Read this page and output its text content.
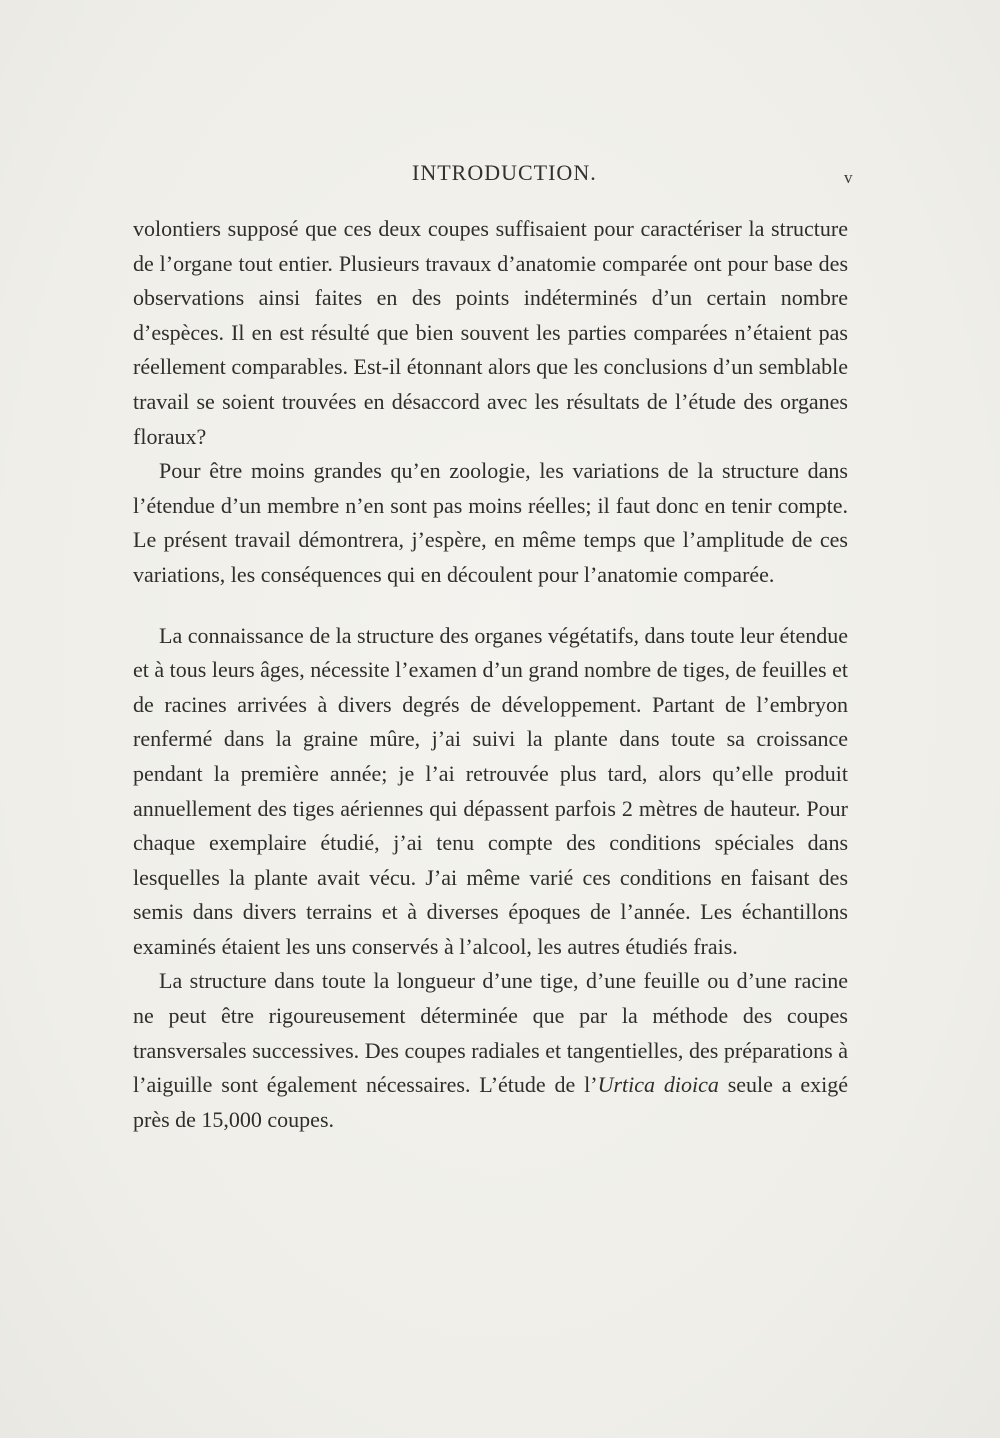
INTRODUCTION.	v

volontiers supposé que ces deux coupes suffisaient pour caractériser la structure de l’organe tout entier. Plusieurs travaux d’anatomie comparée ont pour base des observations ainsi faites en des points indéterminés d’un certain nombre d’espèces. Il en est résulté que bien souvent les parties comparées n’étaient pas réellement comparables. Est-il étonnant alors que les conclusions d’un semblable travail se soient trouvées en désaccord avec les résultats de l’étude des organes floraux?

Pour être moins grandes qu’en zoologie, les variations de la structure dans l’étendue d’un membre n’en sont pas moins réelles; il faut donc en tenir compte. Le présent travail démontrera, j’espère, en même temps que l’amplitude de ces variations, les conséquences qui en découlent pour l’anatomie comparée.

La connaissance de la structure des organes végétatifs, dans toute leur étendue et à tous leurs âges, nécessite l’examen d’un grand nombre de tiges, de feuilles et de racines arrivées à divers degrés de développement. Partant de l’embryon renfermé dans la graine mûre, j’ai suivi la plante dans toute sa croissance pendant la première année; je l’ai retrouvée plus tard, alors qu’elle produit annuellement des tiges aériennes qui dépassent parfois 2 mètres de hauteur. Pour chaque exemplaire étudié, j’ai tenu compte des conditions spéciales dans lesquelles la plante avait vécu. J’ai même varié ces conditions en faisant des semis dans divers terrains et à diverses époques de l’année. Les échantillons examinés étaient les uns conservés à l’alcool, les autres étudiés frais.

La structure dans toute la longueur d’une tige, d’une feuille ou d’une racine ne peut être rigoureusement déterminée que par la méthode des coupes transversales successives. Des coupes radiales et tangentielles, des préparations à l’aiguille sont également nécessaires. L’étude de l’Urtica dioica seule a exigé près de 15,000 coupes.
